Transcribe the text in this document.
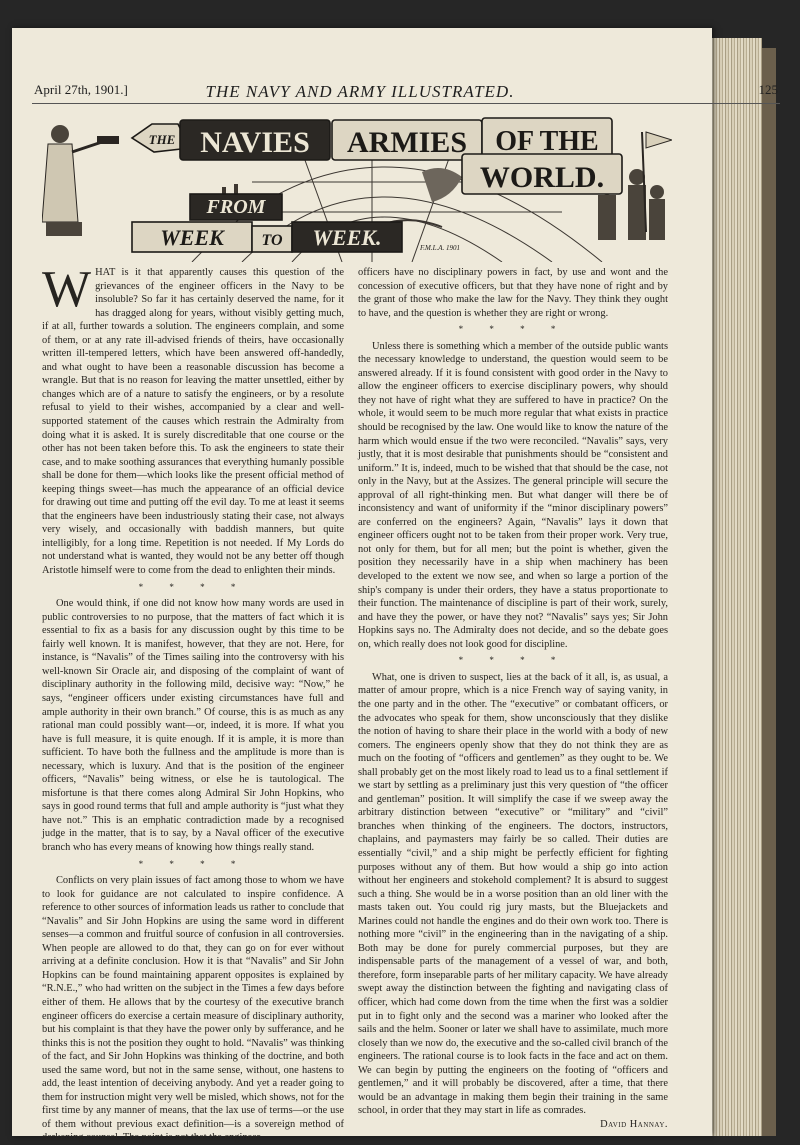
April 27th, 1901.]	THE NAVY AND ARMY ILLUSTRATED.	125
THE NAVIES ARMIES OF THE
WORLD.
FROM
WEEK TO WEEK.	F.M.L.A. 1901

WHAT is it that apparently causes this question of the grievances of the engineer officers in the Navy to be insoluble? So far it has certainly deserved the name, for it has dragged along for years, without visibly getting much, if at all, further towards a solution. The engineers complain, and some of them, or at any rate ill-advised friends of theirs, have occasionally written ill-tempered letters, which have been answered off-handedly, and what ought to have been a reasonable discussion has become a wrangle. But that is no reason for leaving the matter unsettled, either by changes which are of a nature to satisfy the engineers, or by a resolute refusal to yield to their wishes, accompanied by a clear and well-supported statement of the causes which restrain the Admiralty from doing what it is asked. It is surely discreditable that one course or the other has not been taken before this. To ask the engineers to state their case, and to make soothing assurances that everything humanly possible shall be done for them—which looks like the present official method of keeping things sweet—has much the appearance of an official device for drawing out time and putting off the evil day. To me at least it seems that the engineers have been industriously stating their case, not always very wisely, and occasionally with baddish manners, but quite intelligibly, for a long time. Repetition is not needed. If My Lords do not understand what is wanted, they would not be any better off though Aristotle himself were to come from the dead to enlighten their minds.

* * * *

One would think, if one did not know how many words are used in public controversies to no purpose, that the matters of fact which it is essential to fix as a basis for any discussion ought by this time to be fairly well known. It is manifest, however, that they are not. Here, for instance, is “Navalis” of the Times sailing into the controversy with his well-known Sir Oracle air, and disposing of the complaint of want of disciplinary authority in the following mild, decisive way: “Now,” he says, “engineer officers under existing circumstances have full and ample authority in their own branch.” Of course, this is as much as any rational man could possibly want—or, indeed, it is more. If what you have is full measure, it is quite enough. If it is ample, it is more than sufficient. To have both the fullness and the amplitude is more than is necessary, which is luxury. And that is the position of the engineer officers, “Navalis” being witness, or else he is tautological. The misfortune is that there comes along Admiral Sir John Hopkins, who says in good round terms that full and ample authority is “just what they have not.” This is an emphatic contradiction made by a recognised judge in the matter, that is to say, by a Naval officer of the executive branch who has every means of knowing how things really stand.

* * * *

Conflicts on very plain issues of fact among those to whom we have to look for guidance are not calculated to inspire confidence. A reference to other sources of information leads us rather to conclude that “Navalis” and Sir John Hopkins are using the same word in different senses—a common and fruitful source of confusion in all controversies. When people are allowed to do that, they can go on for ever without arriving at a definite conclusion. How it is that “Navalis” and Sir John Hopkins can be found maintaining apparent opposites is explained by “R.N.E.,” who had written on the subject in the Times a few days before either of them. He allows that by the courtesy of the executive branch engineer officers do exercise a certain measure of disciplinary authority, but his complaint is that they have the power only by sufferance, and he thinks this is not the position they ought to hold. “Navalis” was thinking of the fact, and Sir John Hopkins was thinking of the doctrine, and both used the same word, but not in the same sense, without, one hastens to add, the least intention of deceiving anybody. And yet a reader going to them for instruction might very well be misled, which shows, not for the first time by any manner of means, that the lax use of terms—or the use of them without previous exact definition—is a sovereign method of darkening counsel. The point is not that the engineer

officers have no disciplinary powers in fact, by use and wont and the concession of executive officers, but that they have none of right and by the grant of those who make the law for the Navy. They think they ought to have, and the question is whether they are right or wrong.

* * * *

Unless there is something which a member of the outside public wants the necessary knowledge to understand, the question would seem to be answered already. If it is found consistent with good order in the Navy to allow the engineer officers to exercise disciplinary powers, why should they not have of right what they are suffered to have in practice? On the whole, it would seem to be much more regular that what exists in practice should be recognised by the law. One would like to know the nature of the harm which would ensue if the two were reconciled. “Navalis” says, very justly, that it is most desirable that punishments should be “consistent and uniform.” It is, indeed, much to be wished that that should be the case, not only in the Navy, but at the Assizes. The general principle will secure the approval of all right-thinking men. But what danger will there be of inconsistency and want of uniformity if the “minor disciplinary powers” are conferred on the engineers? Again, “Navalis” lays it down that engineer officers ought not to be taken from their proper work. Very true, not only for them, but for all men; but the point is whether, given the position they necessarily have in a ship when machinery has been developed to the extent we now see, and when so large a portion of the ship's company is under their orders, they have a status proportionate to their function. The maintenance of discipline is part of their work, surely, and have they the power, or have they not? “Navalis” says yes; Sir John Hopkins says no. The Admiralty does not decide, and so the debate goes on, which really does not look good for discipline.

* * * *

What, one is driven to suspect, lies at the back of it all, is, as usual, a matter of amour propre, which is a nice French way of saying vanity, in the one party and in the other. The “executive” or combatant officers, or the advocates who speak for them, show unconsciously that they dislike the notion of having to share their place in the world with a body of new comers. The engineers openly show that they do not think they are as much on the footing of “officers and gentlemen” as they ought to be. We shall probably get on the most likely road to lead us to a final settlement if we start by settling as a preliminary just this very question of “the officer and gentleman” position. It will simplify the case if we sweep away the arbitrary distinction between “executive” or “military” and “civil” branches when thinking of the engineers. The doctors, instructors, chaplains, and paymasters may fairly be so called. Their duties are essentially “civil,” and a ship might be perfectly efficient for fighting purposes without any of them. But how would a ship go into action without her engineers and stokehold complement? It is absurd to suggest such a thing. She would be in a worse position than an old liner with the masts taken out. You could rig jury masts, but the Bluejackets and Marines could not handle the engines and do their own work too. There is nothing more “civil” in the engineering than in the navigating of a ship. Both may be done for purely commercial purposes, but they are indispensable parts of the management of a vessel of war, and both, therefore, form inseparable parts of her military capacity. We have already swept away the distinction between the fighting and navigating class of officer, which had come down from the time when the first was a soldier put in to fight only and the second was a mariner who looked after the sails and the helm. Sooner or later we shall have to assimilate, much more closely than we now do, the executive and the so-called civil branch of the engineers. The rational course is to look facts in the face and act on them. We can begin by putting the engineers on the footing of “officers and gentlemen,” and it will probably be discovered, after a time, that there would be an advantage in making them begin their training in the same school, in order that they may start in life as comrades.

David Hannay.
